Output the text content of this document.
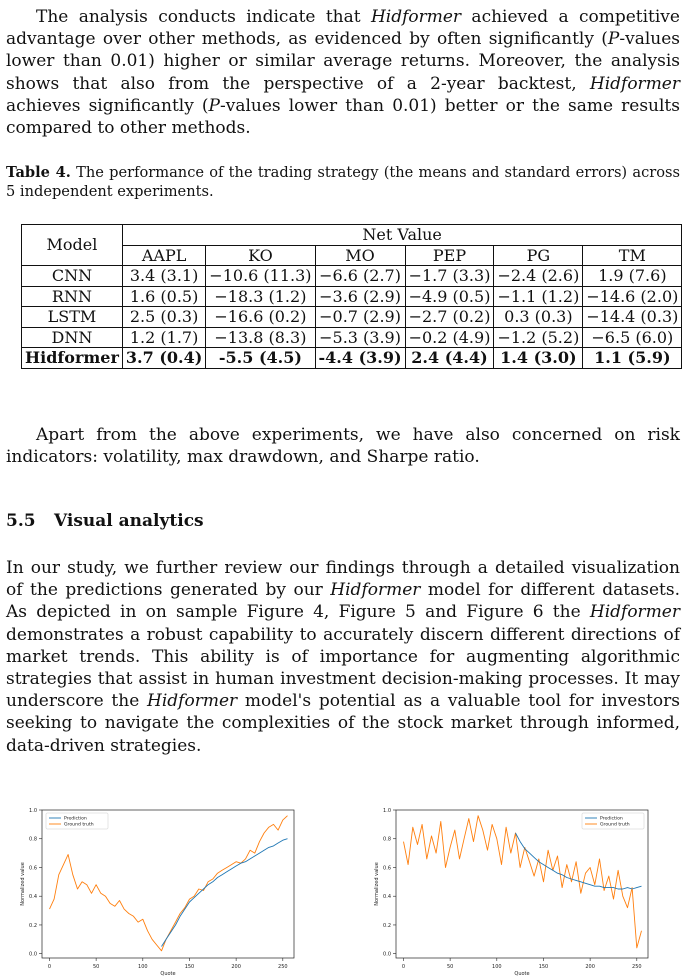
The analysis conducts indicate that Hidformer achieved a competitive advantage over other methods, as evidenced by often significantly (P-values lower than 0.01) higher or similar average returns. Moreover, the analysis shows that also from the perspective of a 2-year backtest, Hidformer achieves significantly (P-values lower than 0.01) better or the same results compared to other methods.

Table 4. The performance of the trading strategy (the means and standard errors) across 5 independent experiments.

Model	Net Value					
	AAPL	KO	MO	PEP	PG	TM
CNN	3.4 (3.1)	−10.6 (11.3)	−6.6 (2.7)	−1.7 (3.3)	−2.4 (2.6)	1.9 (7.6)
RNN	1.6 (0.5)	−18.3 (1.2)	−3.6 (2.9)	−4.9 (0.5)	−1.1 (1.2)	−14.6 (2.0)
LSTM	2.5 (0.3)	−16.6 (0.2)	−0.7 (2.9)	−2.7 (0.2)	0.3 (0.3)	−14.4 (0.3)
DNN	1.2 (1.7)	−13.8 (8.3)	−5.3 (3.9)	−0.2 (4.9)	−1.2 (5.2)	−6.5 (6.0)
Hidformer	3.7 (0.4)	-5.5 (4.5)	-4.4 (3.9)	2.4 (4.4)	1.4 (3.0)	1.1 (5.9)

Apart from the above experiments, we have also concerned on risk indicators: volatility, max drawdown, and Sharpe ratio.

5.5 Visual analytics

In our study, we further review our findings through a detailed visualization of the predictions generated by our Hidformer model for different datasets. As depicted in on sample Figure 4, Figure 5 and Figure 6 the Hidformer demonstrates a robust capability to accurately discern different directions of market trends. This ability is of importance for augmenting algorithmic strategies that assist in human investment decision-making processes. It may underscore the Hidformer model's potential as a valuable tool for investors seeking to navigate the complexities of the stock market through informed, data-driven strategies.

0	50	100	150	200	250
0.0
0.2
0.4
0.6
0.8
1.0
Quote
Normalized value
Prediction
Ground truth
0	50	100	150	200	250
0.0
0.2
0.4
0.6
0.8
1.0
Quote
Normalized value
Prediction
Ground truth
